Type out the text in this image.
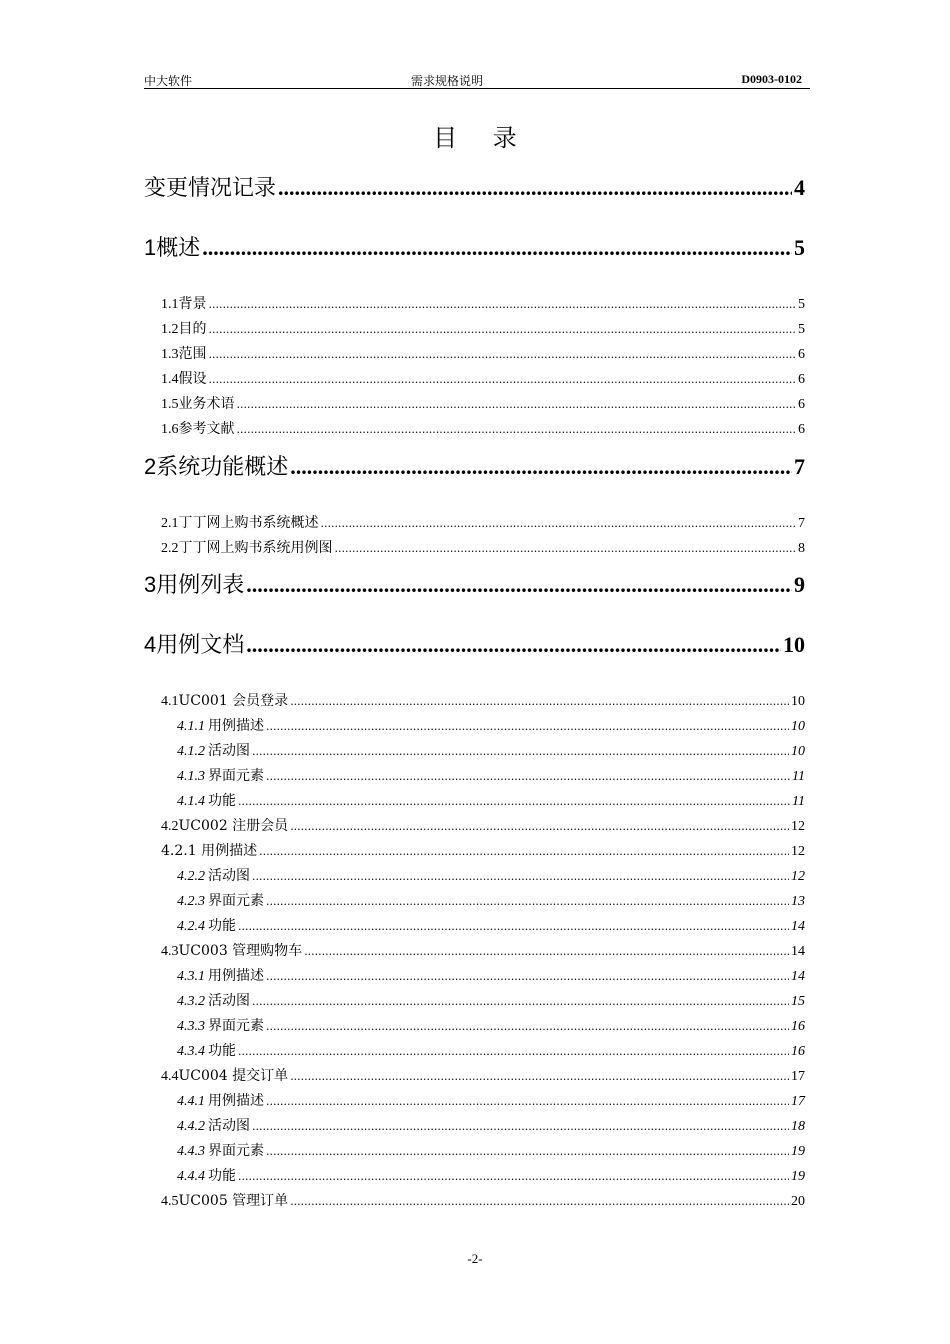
中大软件	需求规格说明	D0903-0102
目 录
变更情况记录 .....	4
1 概述 .....	5
1.1 背景 .....	5
1.2 目的 .....	5
1.3 范围 .....	6
1.4 假设 .....	6
1.5 业务术语 .....	6
1.6 参考文献 .....	6
2 系统功能概述 .....	7
2.1 丁丁网上购书系统概述 .....	7
2.2 丁丁网上购书系统用例图 .....	8
3 用例列表 .....	9
4 用例文档 .....	10
4.1 UC001 会员登录 .....	10
4.1.1 用例描述 .....	10
4.1.2 活动图 .....	10
4.1.3 界面元素 .....	11
4.1.4 功能 .....	11
4.2 UC002 注册会员 .....	12
4.2.1 用例描述 .....	12
4.2.2 活动图 .....	12
4.2.3 界面元素 .....	13
4.2.4 功能 .....	14
4.3 UC003 管理购物车 .....	14
4.3.1 用例描述 .....	14
4.3.2 活动图 .....	15
4.3.3 界面元素 .....	16
4.3.4 功能 .....	16
4.4 UC004 提交订单 .....	17
4.4.1 用例描述 .....	17
4.4.2 活动图 .....	18
4.4.3 界面元素 .....	19
4.4.4 功能 .....	19
4.5 UC005 管理订单 .....	20
-2-
